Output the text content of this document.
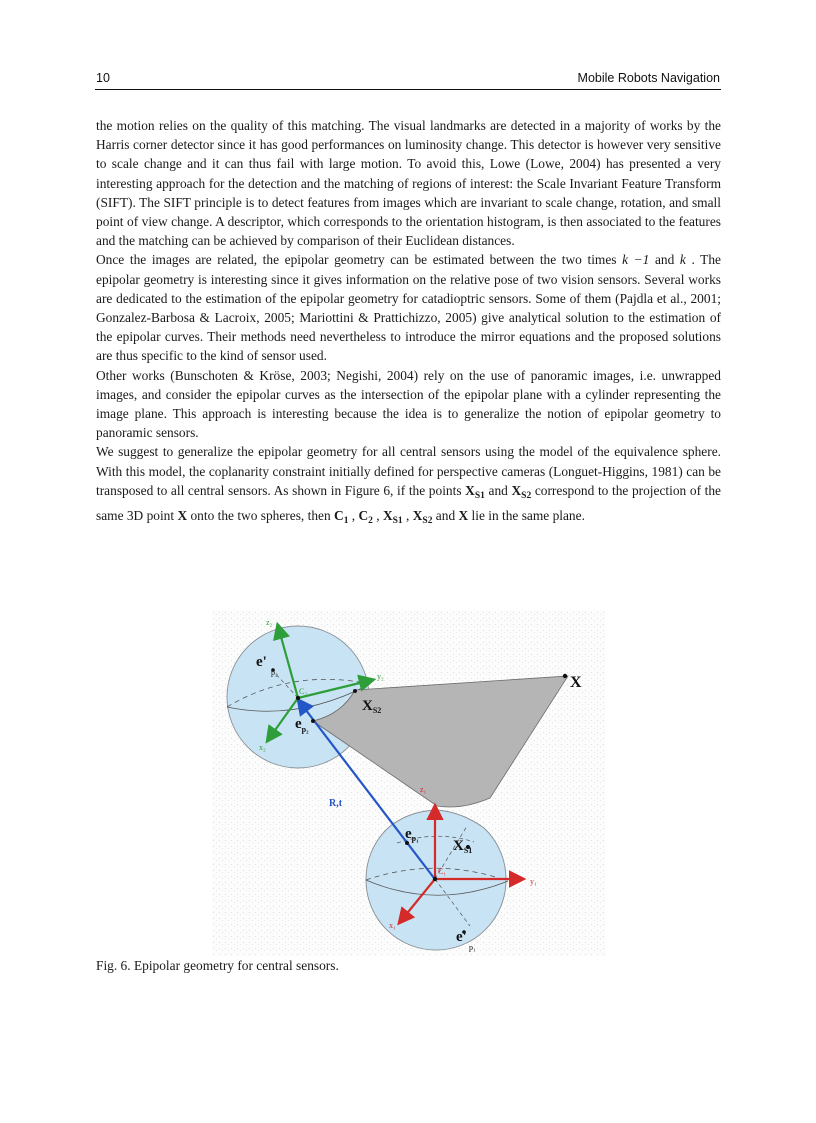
10	Mobile Robots Navigation

the motion relies on the quality of this matching. The visual landmarks are detected in a majority of works by the Harris corner detector since it has good performances on luminosity change. This detector is however very sensitive to scale change and it can thus fail with large motion. To avoid this, Lowe (Lowe, 2004) has presented a very interesting approach for the detection and the matching of regions of interest: the Scale Invariant Feature Transform (SIFT). The SIFT principle is to detect features from images which are invariant to scale change, rotation, and small point of view change. A descriptor, which corresponds to the orientation histogram, is then associated to the features and the matching can be achieved by comparison of their Euclidean distances.

Once the images are related, the epipolar geometry can be estimated between the two times k −1 and k . The epipolar geometry is interesting since it gives information on the relative pose of two vision sensors. Several works are dedicated to the estimation of the epipolar geometry for catadioptric sensors. Some of them (Pajdla et al., 2001; Gonzalez-Barbosa & Lacroix, 2005; Mariottini & Prattichizzo, 2005) give analytical solution to the estimation of the epipolar curves. Their methods need nevertheless to introduce the mirror equations and the proposed solutions are thus specific to the kind of sensor used.

Other works (Bunschoten & Kröse, 2003; Negishi, 2004) rely on the use of panoramic images, i.e. unwrapped images, and consider the epipolar curves as the intersection of the epipolar plane with a cylinder representing the image plane. This approach is interesting because the idea is to generalize the notion of epipolar geometry to panoramic sensors.

We suggest to generalize the epipolar geometry for all central sensors using the model of the equivalence sphere. With this model, the coplanarity constraint initially defined for perspective cameras (Longuet-Higgins, 1981) can be transposed to all central sensors. As shown in Figure 6, if the points $X_{S1}$ and $X_{S2}$ correspond to the projection of the same 3D point X onto the two spheres, then $C_1$ , $C_2$ , $X_{S1}$ , $X_{S2}$ and X lie in the same plane.

X
$X_{S2}$
$e_{p_2}$
e'
p₂
$X_{S1}$
$e_{p_1}$
e'
p₁
R,t
z₂
y₂
x₂
C₂
z₁
y₁
x₁
C₁
Fig. 6. Epipolar geometry for central sensors.
